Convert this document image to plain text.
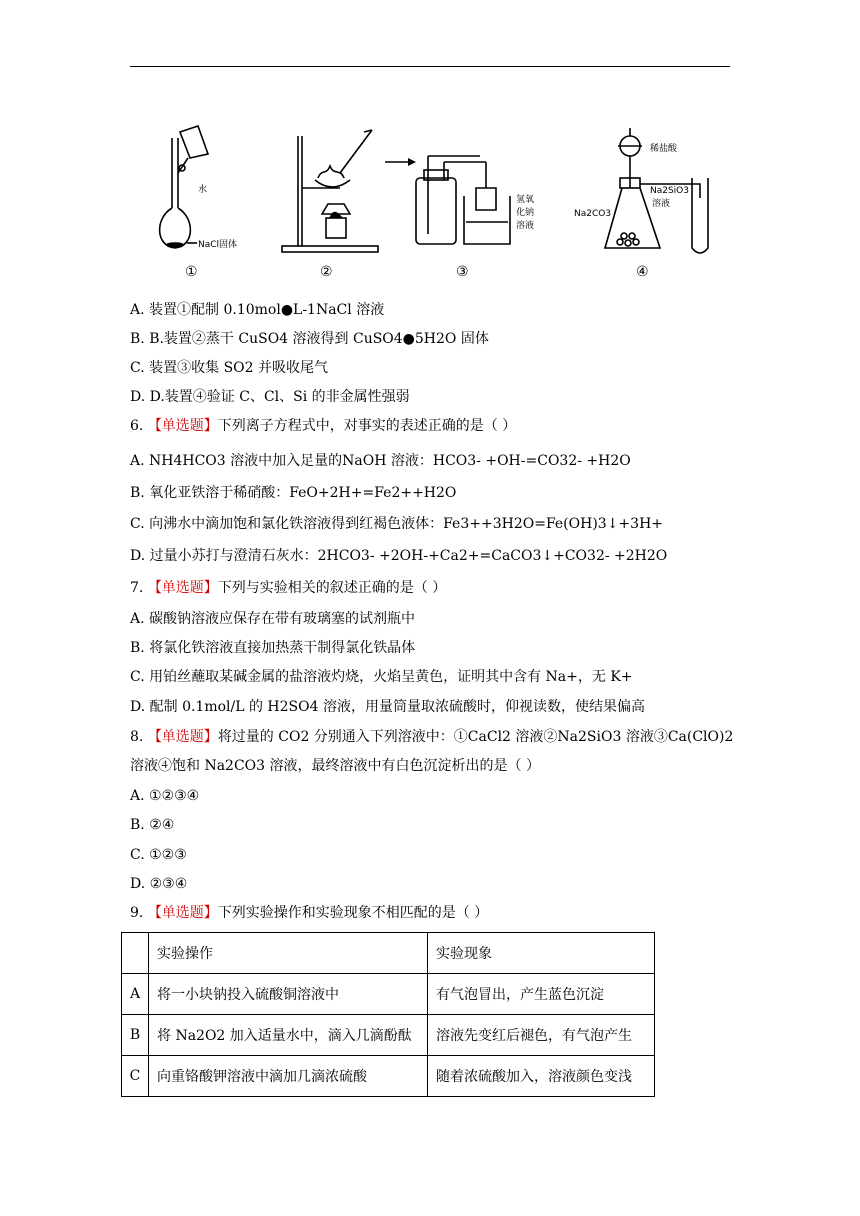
水
NaCl固体
氢氧
化钠
溶液
稀盐酸
Na2SiO3
溶液
Na2CO3
①	②	③	④
A. 装置①配制 0.10mol●L-1NaCl 溶液
B. B.装置②蒸干 CuSO4 溶液得到 CuSO4●5H2O 固体
C. 装置③收集 SO2 并吸收尾气
D. D.装置④验证 C、Cl、Si 的非金属性强弱
6. 【单选题】下列离子方程式中，对事实的表述正确的是（ ）
A. NH4HCO3 溶液中加入足量的NaOH 溶液：HCO3- +OH-=CO32- +H2O
B. 氧化亚铁溶于稀硝酸：FeO+2H+=Fe2++H2O
C. 向沸水中滴加饱和氯化铁溶液得到红褐色液体：Fe3++3H2O=Fe(OH)3↓+3H+
D. 过量小苏打与澄清石灰水：2HCO3- +2OH-+Ca2+=CaCO3↓+CO32- +2H2O
7. 【单选题】下列与实验相关的叙述正确的是（ ）
A. 碳酸钠溶液应保存在带有玻璃塞的试剂瓶中
B. 将氯化铁溶液直接加热蒸干制得氯化铁晶体
C. 用铂丝蘸取某碱金属的盐溶液灼烧，火焰呈黄色，证明其中含有 Na+，无 K+
D. 配制 0.1mol/L 的 H2SO4 溶液，用量筒量取浓硫酸时，仰视读数，使结果偏高
8. 【单选题】将过量的 CO2 分别通入下列溶液中：①CaCl2 溶液②Na2SiO3 溶液③Ca(ClO)2
溶液④饱和 Na2CO3 溶液，最终溶液中有白色沉淀析出的是（ ）
A. ①②③④
B. ②④
C. ①②③
D. ②③④
9. 【单选题】下列实验操作和实验现象不相匹配的是（ ）
	实验操作	实验现象
A	将一小块钠投入硫酸铜溶液中	有气泡冒出，产生蓝色沉淀
B	将 Na2O2 加入适量水中，滴入几滴酚酞	溶液先变红后褪色，有气泡产生
C	向重铬酸钾溶液中滴加几滴浓硫酸	随着浓硫酸加入，溶液颜色变浅
